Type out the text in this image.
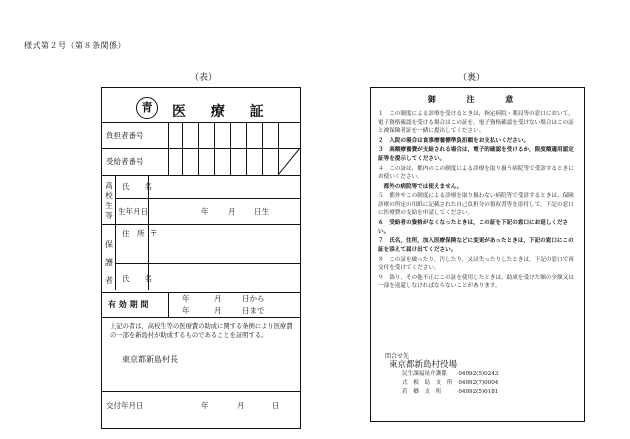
様式第２号（第８条関係）
（表）	（裏）
青	医 療 証
負担者番号
受給者番号
高校生等
氏　　名
生年月日	年	月 日生
保護者
住　所 〒
氏　　名
有 効 期 間
年	月	日から
年	月	日まで
上記の者は，高校生等の医療費の助成に関する条例により医療費の一部を新島村が助成するものであることを証明する。
東京都新島村長
交付年月日	年	月	日
御 注 意

１　この制度による診療を受けるときは，指定病院・薬局等の窓口において，電子資格確認を受ける場合はこの証を，電子資格確認を受けない場合はこの証と被保険者証を一緒に提出してください。

２　入院の場合は食事療養標準負担額をお支払いください。

３　高額療養費が支給される場合は，電子的確認を受けるか，限度額適用認定証等を提示してください。

４　この証は，都内のこの制度による診療を取り扱う病院等で受診するときにお使いください。

　都外の病院等では使えません。

５　都外やこの制度による診療を取り扱わない病院等で受診するときは，保険診療の所定の用紙に記載された自己負担分の領収書等を添付して，下記の窓口に医療費の支給を申請してください。

６　受給者の資格がなくなったときは，この証を下記の窓口にお返しください。

７　氏名，住所，加入医療保険などに変更があったときは，下記の窓口にこの証を添えて届け出てください。

８　この証を破ったり，汚したり，又は失ったりしたときは，下記の窓口で再交付を受けてください。

９　偽り，その他不正にこの証を使用したときは，助成を受けた額の全額又は一部を返還しなければならないことがあります。

問合せ先
東京都新島村役場
民生課福祉介護係	04992(5)0243
式　根　島　支　所	04992(7)0004
若　郷　支　所	04992(5)0181
